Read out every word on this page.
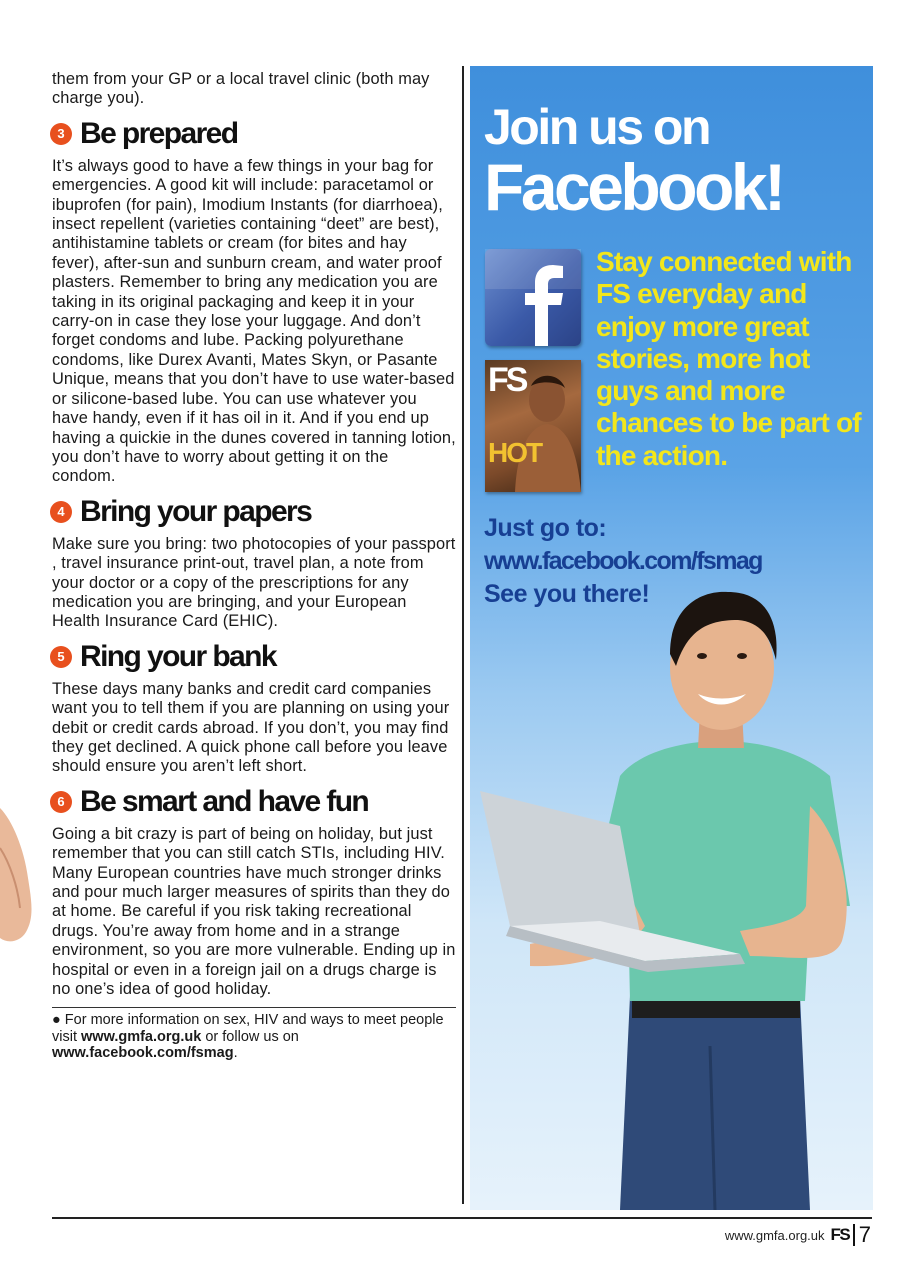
them from your GP or a local travel clinic (both may charge you).

3 Be prepared

It’s always good to have a few things in your bag for emergencies. A good kit will include: paracetamol or ibuprofen (for pain), Imodium Instants (for diarrhoea), insect repellent (varieties containing “deet” are best), antihistamine tablets or cream (for bites and hay fever), after-sun and sunburn cream, and water proof plasters. Remember to bring any medication you are taking in its original packaging and keep it in your carry-on in case they lose your luggage. And don’t forget condoms and lube. Packing polyurethane condoms, like Durex Avanti, Mates Skyn, or Pasante Unique, means that you don’t have to use water-based or silicone-based lube. You can use whatever you have handy, even if it has oil in it. And if you end up having a quickie in the dunes covered in tanning lotion, you don’t have to worry about getting it on the condom.

4 Bring your papers

Make sure you bring: two photocopies of your passport , travel insurance print-out, travel plan, a note from your doctor or a copy of the prescriptions for any medication you are bringing, and your European Health Insurance Card (EHIC).

5 Ring your bank

These days many banks and credit card companies want you to tell them if you are planning on using your debit or credit cards abroad. If you don’t, you may find they get declined. A quick phone call before you leave should ensure you aren’t left short.

6 Be smart and have fun

Going a bit crazy is part of being on holiday, but just remember that you can still catch STIs, including HIV. Many European countries have much stronger drinks and pour much larger measures of spirits than they do at home. Be careful if you risk taking recreational drugs. You’re away from home and in a strange environment, so you are more vulnerable. Ending up in hospital or even in a foreign jail on a drugs charge is no one’s idea of good holiday.

● For more information on sex, HIV and ways to meet people visit www.gmfa.org.uk or follow us on www.facebook.com/fsmag.
Join us on
Facebook!
FS
HOT
Stay connected with FS everyday and enjoy more great stories, more hot guys and more chances to be part of the action.
Just go to:
www.facebook.com/fsmag
See you there!
www.gmfa.org.uk FS 7
